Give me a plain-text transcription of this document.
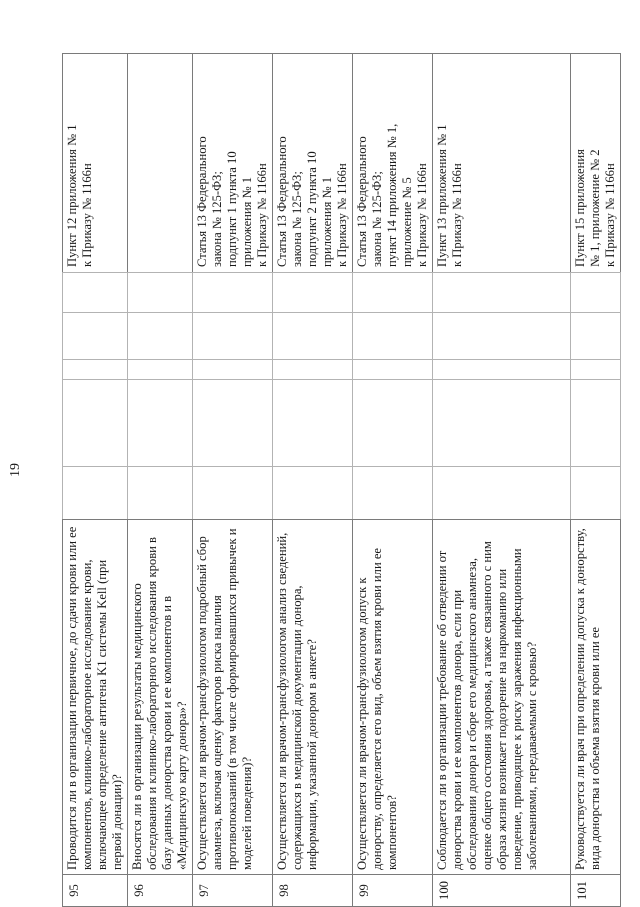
19
95	Проводится ли в организации первичное, до сдачи крови или ее компонентов, клинико-лабораторное исследование крови, включающее определение антигена K1 системы Kell (при первой донации)?						Пункт 12 приложения № 1 к Приказу № 1166н

96	Вносятся ли в организации результаты медицинского обследования и клинико-лабораторного исследования крови в базу данных донорства крови и ее компонентов и в «Медицинскую карту донора»?						
97	Осуществляется ли врачом-трансфузиологом подробный сбор анамнеза, включая оценку факторов риска наличия противопоказаний (в том числе сформировавшихся привычек и моделей поведения)?						Статья 13 Федерального закона № 125-ФЗ; подпункт 1 пункта 10 приложения № 1 к Приказу № 1166н

98	Осуществляется ли врачом-трансфузиологом анализ сведений, содержащихся в медицинской документации донора, информации, указанной донором в анкете?						Статья 13 Федерального закона № 125-ФЗ; подпункт 2 пункта 10 приложения № 1 к Приказу № 1166н

99	Осуществляется ли врачом-трансфузиологом допуск к донорству, определяется его вид, объем взятия крови или ее компонентов?						Статья 13 Федерального закона № 125-ФЗ; пункт 14 приложения № 1, приложение № 5 к Приказу № 1166н

100	Соблюдается ли в организации требование об отведении от донорства крови и ее компонентов донора, если при обследовании донора и сборе его медицинского анамнеза, оценке общего состояния здоровья, а также связанного с ним образа жизни возникает подозрение на наркоманию или поведение, приводящее к риску заражения инфекционными заболеваниями, передаваемыми с кровью?						Пункт 13 приложения № 1 к Приказу № 1166н

101	Руководствуется ли врач при определении допуска к донорству, вида донорства и объема взятия крови или ее						Пункт 15 приложения № 1, приложение № 2 к Приказу № 1166н
